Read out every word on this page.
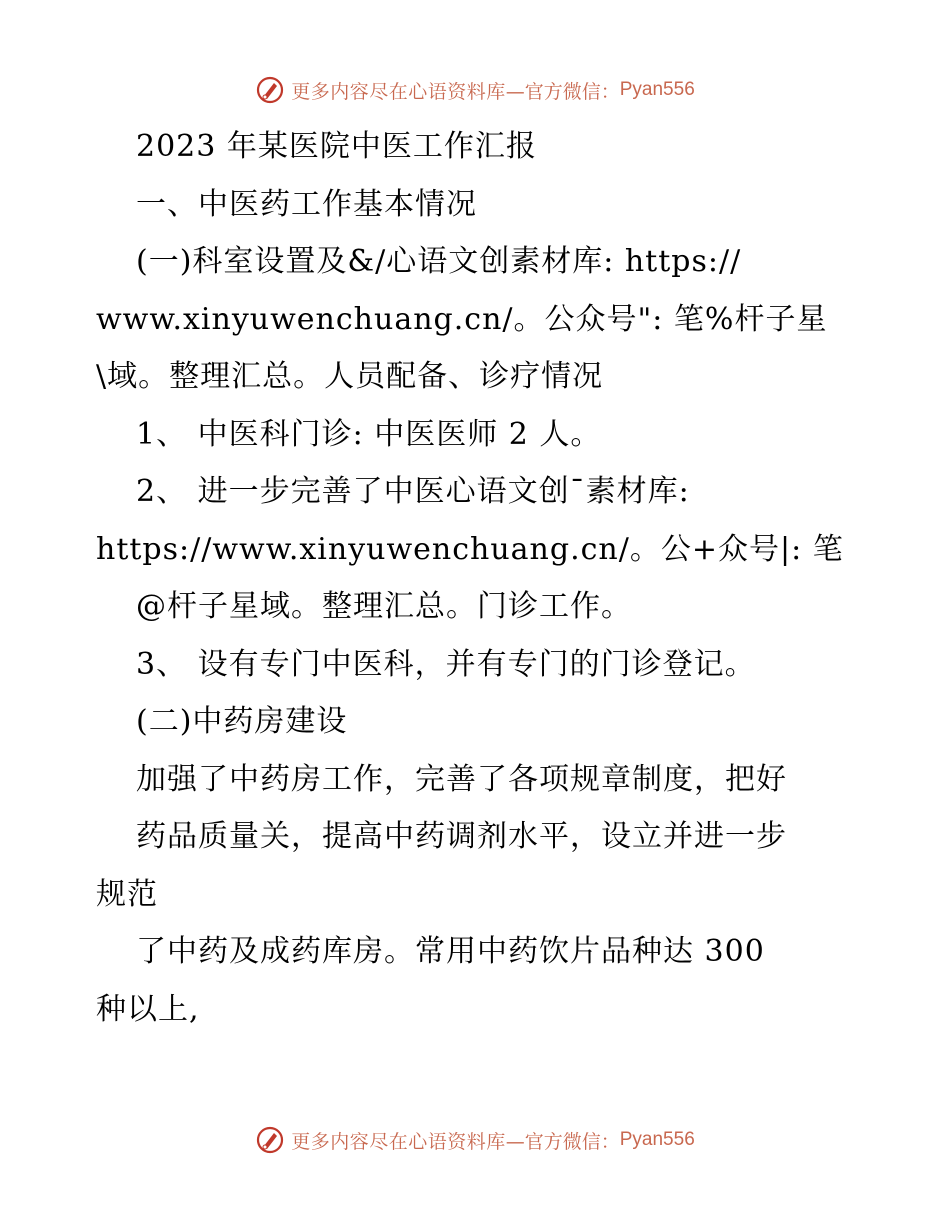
更多内容尽在心语资料库 —官方微信： Pyan556
2023 年某医院中医工作汇报
一、中医药工作基本情况
(一)科室设置及&/心语文创素材库: https://
www.xinyuwenchuang.cn/。公众号": 笔%杆子星
\域。整理汇总。人员配备、诊疗情况
1、 中医科门诊: 中医医师 2 人。
2、 进一步完善了中医心语文创¯素材库:
https://www.xinyuwenchuang.cn/。公+众号|: 笔
@杆子星域。整理汇总。门诊工作。
3、 设有专门中医科，并有专门的门诊登记。
(二)中药房建设
加强了中药房工作，完善了各项规章制度，把好
药品质量关，提高中药调剂水平，设立并进一步
规范
了中药及成药库房。常用中药饮片品种达 300
种以上,
更多内容尽在心语资料库 —官方微信： Pyan556
